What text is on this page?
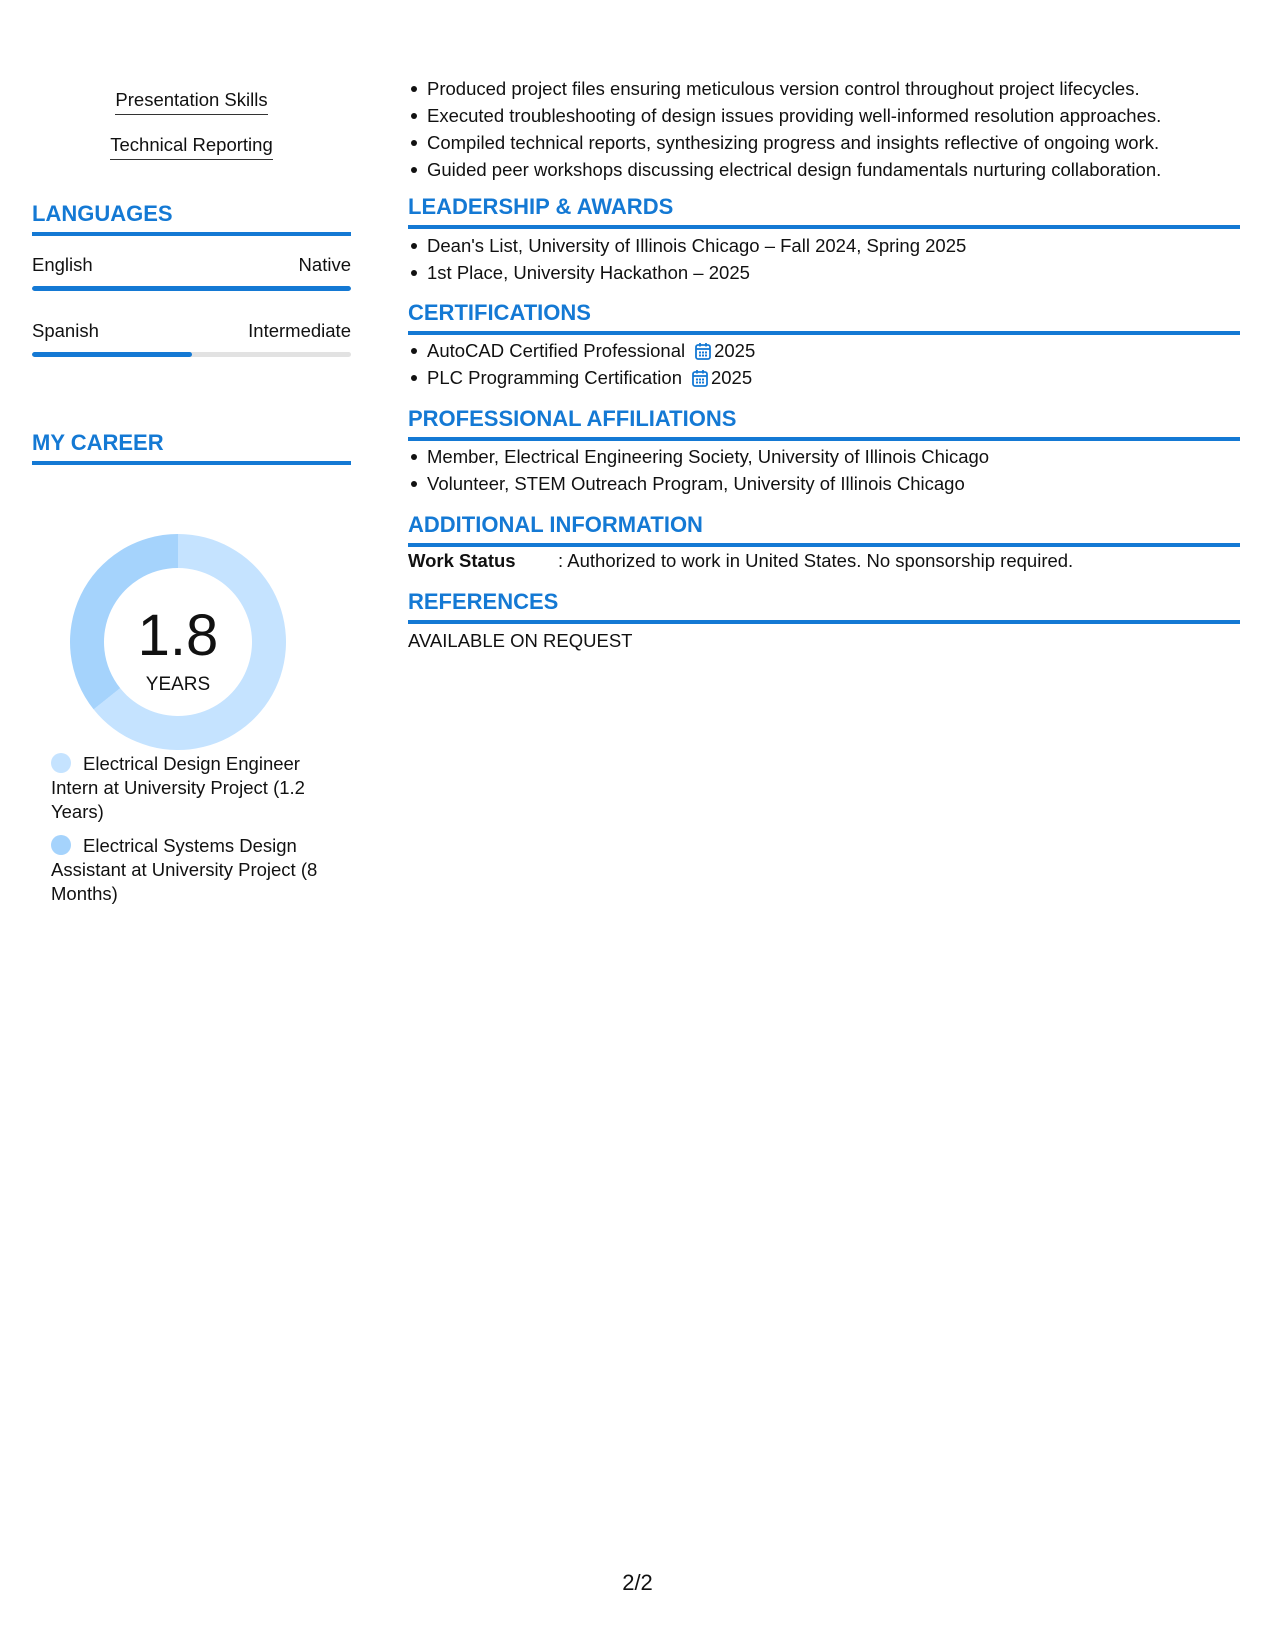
Presentation Skills
Technical Reporting
LANGUAGES
English	Native
Spanish	Intermediate
MY CAREER
1.8
YEARS
Electrical Design Engineer Intern at University Project (1.2 Years)
Electrical Systems Design Assistant at University Project (8 Months)
Produced project files ensuring meticulous version control throughout project lifecycles.
Executed troubleshooting of design issues providing well-informed resolution approaches.
Compiled technical reports, synthesizing progress and insights reflective of ongoing work.
Guided peer workshops discussing electrical design fundamentals nurturing collaboration.
LEADERSHIP & AWARDS
Dean's List, University of Illinois Chicago – Fall 2024, Spring 2025
1st Place, University Hackathon – 2025
CERTIFICATIONS
AutoCAD Certified Professional 2025
PLC Programming Certification 2025
PROFESSIONAL AFFILIATIONS
Member, Electrical Engineering Society, University of Illinois Chicago
Volunteer, STEM Outreach Program, University of Illinois Chicago
ADDITIONAL INFORMATION
Work Status : Authorized to work in United States. No sponsorship required.
REFERENCES
AVAILABLE ON REQUEST
2/2
